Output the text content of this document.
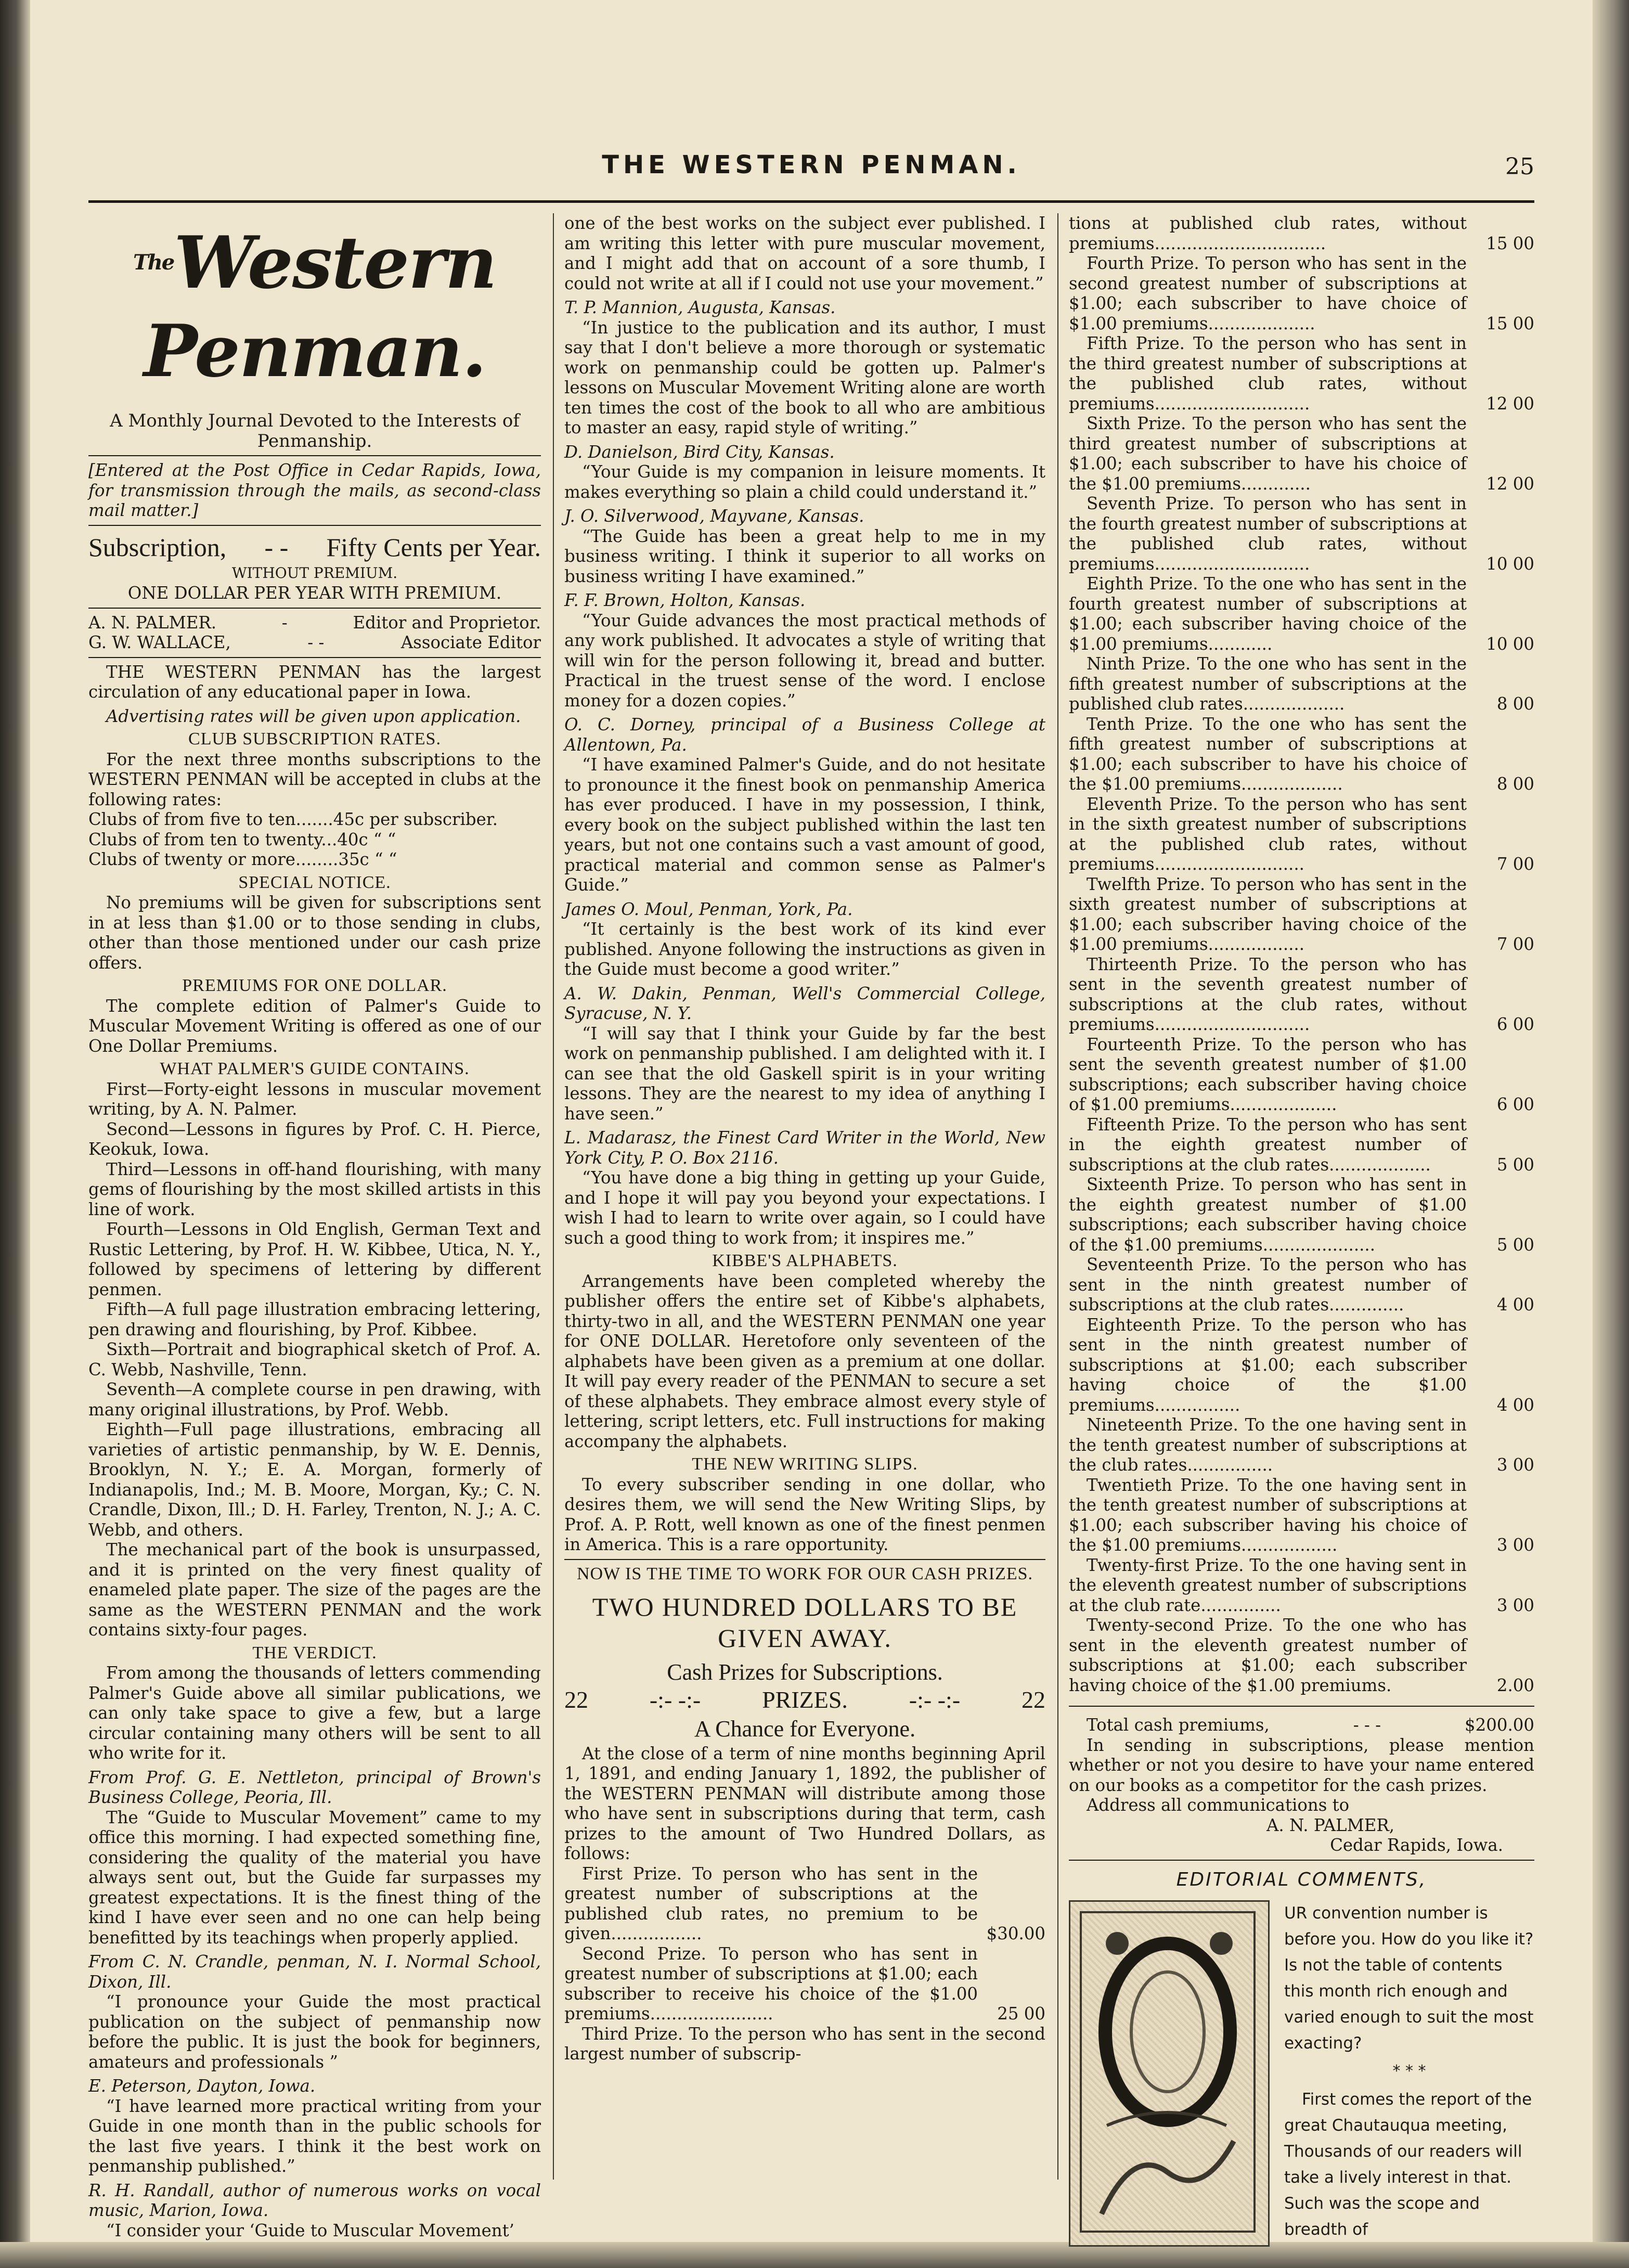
THE WESTERN PENMAN.	25
$^{The}$Western Penman.

A Monthly Journal Devoted to the Interests of Penmanship.

[Entered at the Post Office in Cedar Rapids, Iowa, for transmission through the mails, as second-class mail matter.]

Subscription, - - Fifty Cents per Year.

WITHOUT PREMIUM.

ONE DOLLAR PER YEAR WITH PREMIUM.

A. N. PALMER.	-	Editor and Proprietor.
G. W. WALLACE,	- -	Associate Editor

THE WESTERN PENMAN has the largest circulation of any educational paper in Iowa.

Advertising rates will be given upon application.

CLUB SUBSCRIPTION RATES.

For the next three months subscriptions to the WESTERN PENMAN will be accepted in clubs at the following rates:

Clubs of from five to ten.......45c per subscriber.

Clubs of from ten to twenty...40c “ “

Clubs of twenty or more........35c “ “

SPECIAL NOTICE.

No premiums will be given for subscriptions sent in at less than $1.00 or to those sending in clubs, other than those mentioned under our cash prize offers.

PREMIUMS FOR ONE DOLLAR.

The complete edition of Palmer's Guide to Muscular Movement Writing is offered as one of our One Dollar Premiums.

WHAT PALMER'S GUIDE CONTAINS.

First—Forty-eight lessons in muscular movement writing, by A. N. Palmer.

Second—Lessons in figures by Prof. C. H. Pierce, Keokuk, Iowa.

Third—Lessons in off-hand flourishing, with many gems of flourishing by the most skilled artists in this line of work.

Fourth—Lessons in Old English, German Text and Rustic Lettering, by Prof. H. W. Kibbee, Utica, N. Y., followed by specimens of lettering by different penmen.

Fifth—A full page illustration embracing lettering, pen drawing and flourishing, by Prof. Kibbee.

Sixth—Portrait and biographical sketch of Prof. A. C. Webb, Nashville, Tenn.

Seventh—A complete course in pen drawing, with many original illustrations, by Prof. Webb.

Eighth—Full page illustrations, embracing all varieties of artistic penmanship, by W. E. Dennis, Brooklyn, N. Y.; E. A. Morgan, formerly of Indianapolis, Ind.; M. B. Moore, Morgan, Ky.; C. N. Crandle, Dixon, Ill.; D. H. Farley, Trenton, N. J.; A. C. Webb, and others.

The mechanical part of the book is unsurpassed, and it is printed on the very finest quality of enameled plate paper. The size of the pages are the same as the WESTERN PENMAN and the work contains sixty-four pages.

THE VERDICT.

From among the thousands of letters commending Palmer's Guide above all similar publications, we can only take space to give a few, but a large circular containing many others will be sent to all who write for it.

From Prof. G. E. Nettleton, principal of Brown's Business College, Peoria, Ill.

The “Guide to Muscular Movement” came to my office this morning. I had expected something fine, considering the quality of the material you have always sent out, but the Guide far surpasses my greatest expectations. It is the finest thing of the kind I have ever seen and no one can help being benefitted by its teachings when properly applied.

From C. N. Crandle, penman, N. I. Normal School, Dixon, Ill.

“I pronounce your Guide the most practical publication on the subject of penmanship now before the public. It is just the book for beginners, amateurs and professionals ”

E. Peterson, Dayton, Iowa.

“I have learned more practical writing from your Guide in one month than in the public schools for the last five years. I think it the best work on penmanship published.”

R. H. Randall, author of numerous works on vocal music, Marion, Iowa.

“I consider your ‘Guide to Muscular Movement’

one of the best works on the subject ever published. I am writing this letter with pure muscular movement, and I might add that on account of a sore thumb, I could not write at all if I could not use your movement.”

T. P. Mannion, Augusta, Kansas.

“In justice to the publication and its author, I must say that I don't believe a more thorough or systematic work on penmanship could be gotten up. Palmer's lessons on Muscular Movement Writing alone are worth ten times the cost of the book to all who are ambitious to master an easy, rapid style of writing.”

D. Danielson, Bird City, Kansas.

“Your Guide is my companion in leisure moments. It makes everything so plain a child could understand it.”

J. O. Silverwood, Mayvane, Kansas.

“The Guide has been a great help to me in my business writing. I think it superior to all works on business writing I have examined.”

F. F. Brown, Holton, Kansas.

“Your Guide advances the most practical methods of any work published. It advocates a style of writing that will win for the person following it, bread and butter. Practical in the truest sense of the word. I enclose money for a dozen copies.”

O. C. Dorney, principal of a Business College at Allentown, Pa.

“I have examined Palmer's Guide, and do not hesitate to pronounce it the finest book on penmanship America has ever produced. I have in my possession, I think, every book on the subject published within the last ten years, but not one contains such a vast amount of good, practical material and common sense as Palmer's Guide.”

James O. Moul, Penman, York, Pa.

“It certainly is the best work of its kind ever published. Anyone following the instructions as given in the Guide must become a good writer.”

A. W. Dakin, Penman, Well's Commercial College, Syracuse, N. Y.

“I will say that I think your Guide by far the best work on penmanship published. I am delighted with it. I can see that the old Gaskell spirit is in your writing lessons. They are the nearest to my idea of anything I have seen.”

L. Madarasz, the Finest Card Writer in the World, New York City, P. O. Box 2116.

“You have done a big thing in getting up your Guide, and I hope it will pay you beyond your expectations. I wish I had to learn to write over again, so I could have such a good thing to work from; it inspires me.”

KIBBE'S ALPHABETS.

Arrangements have been completed whereby the publisher offers the entire set of Kibbe's alphabets, thirty-two in all, and the WESTERN PENMAN one year for ONE DOLLAR. Heretofore only seventeen of the alphabets have been given as a premium at one dollar. It will pay every reader of the PENMAN to secure a set of these alphabets. They embrace almost every style of lettering, script letters, etc. Full instructions for making accompany the alphabets.

THE NEW WRITING SLIPS.

To every subscriber sending in one dollar, who desires them, we will send the New Writing Slips, by Prof. A. P. Rott, well known as one of the finest penmen in America. This is a rare opportunity.

NOW IS THE TIME TO WORK FOR OUR CASH PRIZES.

TWO HUNDRED DOLLARS TO BE GIVEN AWAY.

Cash Prizes for Subscriptions.

22	-:- -:-	PRIZES.	-:- -:-	22

A Chance for Everyone.

At the close of a term of nine months beginning April 1, 1891, and ending January 1, 1892, the publisher of the WESTERN PENMAN will distribute among those who have sent in subscriptions during that term, cash prizes to the amount of Two Hundred Dollars, as follows:

First Prize. To person who has sent in the greatest number of subscriptions at the published club rates, no premium to be given.................	$30.00
Second Prize. To person who has sent in greatest number of subscriptions at $1.00; each subscriber to receive his choice of the $1.00 premiums.......................	25 00

Third Prize. To the person who has sent in the second largest number of subscrip-

tions at published club rates, without premiums................................	15 00
Fourth Prize. To person who has sent in the second greatest number of subscriptions at $1.00; each subscriber to have choice of $1.00 premiums....................	15 00
Fifth Prize. To the person who has sent in the third greatest number of subscriptions at the published club rates, without premiums.............................	12 00
Sixth Prize. To the person who has sent the third greatest number of subscriptions at $1.00; each subscriber to have his choice of the $1.00 premiums.............	12 00
Seventh Prize. To person who has sent in the fourth greatest number of subscriptions at the published club rates, without premiums.............................	10 00
Eighth Prize. To the one who has sent in the fourth greatest number of subscriptions at $1.00; each subscriber having choice of the $1.00 premiums............	10 00
Ninth Prize. To the one who has sent in the fifth greatest number of subscriptions at the published club rates...................	8 00
Tenth Prize. To the one who has sent the fifth greatest number of subscriptions at $1.00; each subscriber to have his choice of the $1.00 premiums...................	8 00
Eleventh Prize. To the person who has sent in the sixth greatest number of subscriptions at the published club rates, without premiums............................	7 00
Twelfth Prize. To person who has sent in the sixth greatest number of subscriptions at $1.00; each subscriber having choice of the $1.00 premiums..................	7 00
Thirteenth Prize. To the person who has sent in the seventh greatest number of subscriptions at the club rates, without premiums.............................	6 00
Fourteenth Prize. To the person who has sent the seventh greatest number of $1.00 subscriptions; each subscriber having choice of $1.00 premiums....................	6 00
Fifteenth Prize. To the person who has sent in the eighth greatest number of subscriptions at the club rates...................	5 00
Sixteenth Prize. To person who has sent in the eighth greatest number of $1.00 subscriptions; each subscriber having choice of the $1.00 premiums.....................	5 00
Seventeenth Prize. To the person who has sent in the ninth greatest number of subscriptions at the club rates..............	4 00
Eighteenth Prize. To the person who has sent in the ninth greatest number of subscriptions at $1.00; each subscriber having choice of the $1.00 premiums................	4 00
Nineteenth Prize. To the one having sent in the tenth greatest number of subscriptions at the club rates................	3 00
Twentieth Prize. To the one having sent in the tenth greatest number of subscriptions at $1.00; each subscriber having his choice of the $1.00 premiums..................	3 00
Twenty-first Prize. To the one having sent in the eleventh greatest number of subscriptions at the club rate...............	3 00
Twenty-second Prize. To the one who has sent in the eleventh greatest number of subscriptions at $1.00; each subscriber having choice of the $1.00 premiums.	2.00
Total cash premiums,	- - -	$200.00

In sending in subscriptions, please mention whether or not you desire to have your name entered on our books as a competitor for the cash prizes.

Address all communications to

A. N. PALMER,

Cedar Rapids, Iowa.

EDITORIAL COMMENTS,

UR convention number is before you. How do you like it? Is not the table of contents this month rich enough and varied enough to suit the most exacting?

* * *

First comes the report of the great Chautauqua meeting, Thousands of our readers will take a lively interest in that. Such was the scope and breadth of
